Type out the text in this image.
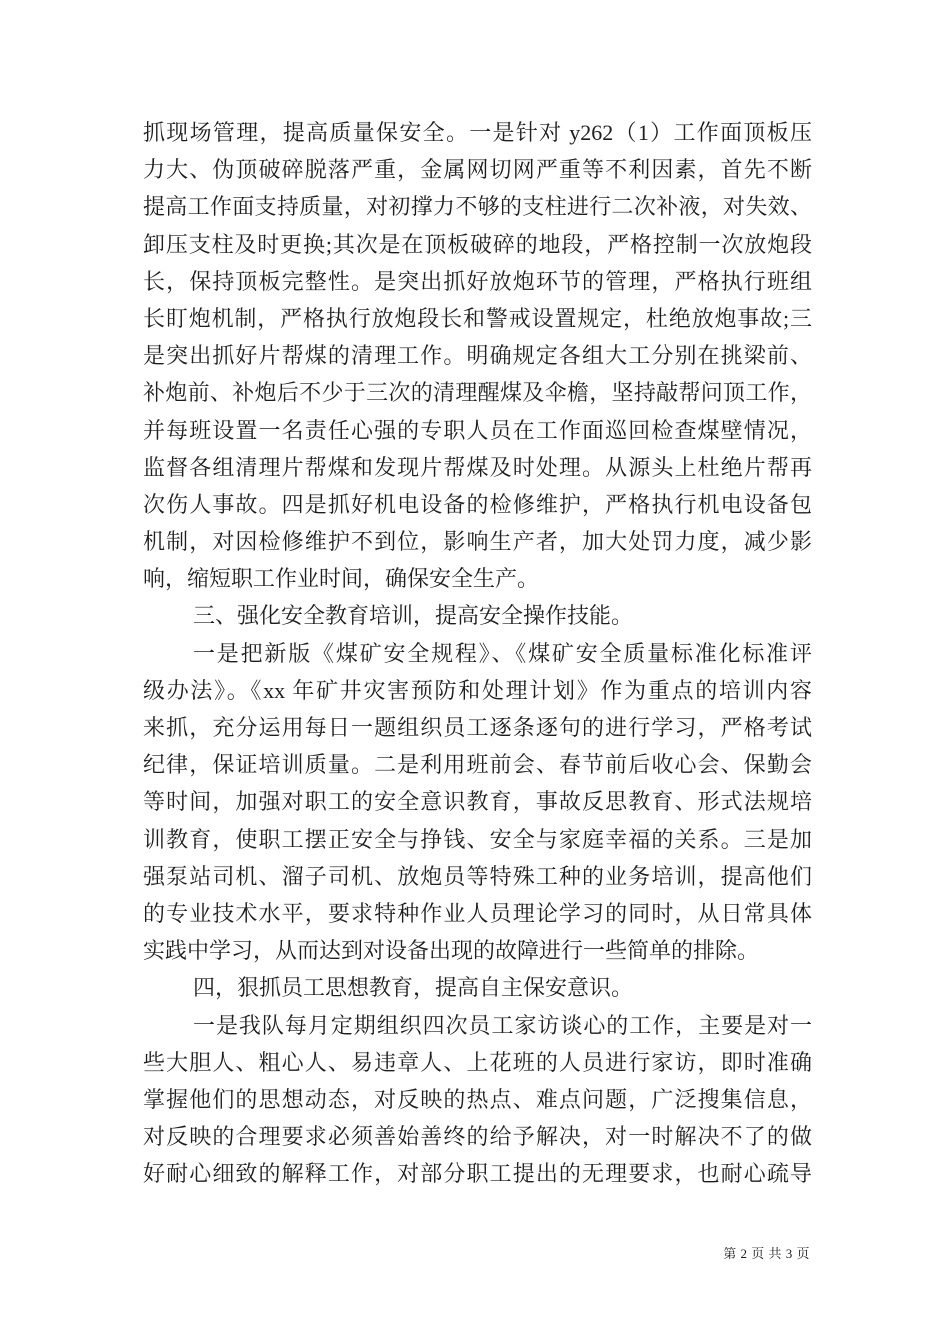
抓现场管理，提高质量保安全。一是针对 y262（1）工作面顶板压
力大、伪顶破碎脱落严重，金属网切网严重等不利因素，首先不断
提高工作面支持质量，对初撑力不够的支柱进行二次补液，对失效、
卸压支柱及时更换;其次是在顶板破碎的地段，严格控制一次放炮段
长，保持顶板完整性。是突出抓好放炮环节的管理，严格执行班组
长盯炮机制，严格执行放炮段长和警戒设置规定，杜绝放炮事故;三
是突出抓好片帮煤的清理工作。明确规定各组大工分别在挑梁前、
补炮前、补炮后不少于三次的清理醒煤及伞檐，坚持敲帮问顶工作，
并每班设置一名责任心强的专职人员在工作面巡回检查煤壁情况，
监督各组清理片帮煤和发现片帮煤及时处理。从源头上杜绝片帮再
次伤人事故。四是抓好机电设备的检修维护，严格执行机电设备包
机制，对因检修维护不到位，影响生产者，加大处罚力度，减少影
响，缩短职工作业时间，确保安全生产。
三、强化安全教育培训，提高安全操作技能。
一是把新版《煤矿安全规程》、《煤矿安全质量标准化标准评
级办法》。《xx 年矿井灾害预防和处理计划》作为重点的培训内容
来抓，充分运用每日一题组织员工逐条逐句的进行学习，严格考试
纪律，保证培训质量。二是利用班前会、春节前后收心会、保勤会
等时间，加强对职工的安全意识教育，事故反思教育、形式法规培
训教育，使职工摆正安全与挣钱、安全与家庭幸福的关系。三是加
强泵站司机、溜子司机、放炮员等特殊工种的业务培训，提高他们
的专业技术水平，要求特种作业人员理论学习的同时，从日常具体
实践中学习，从而达到对设备出现的故障进行一些简单的排除。
四，狠抓员工思想教育，提高自主保安意识。
一是我队每月定期组织四次员工家访谈心的工作，主要是对一
些大胆人、粗心人、易违章人、上花班的人员进行家访，即时准确
掌握他们的思想动态，对反映的热点、难点问题，广泛搜集信息，
对反映的合理要求必须善始善终的给予解决，对一时解决不了的做
好耐心细致的解释工作，对部分职工提出的无理要求，也耐心疏导
第 2 页 共 3 页
